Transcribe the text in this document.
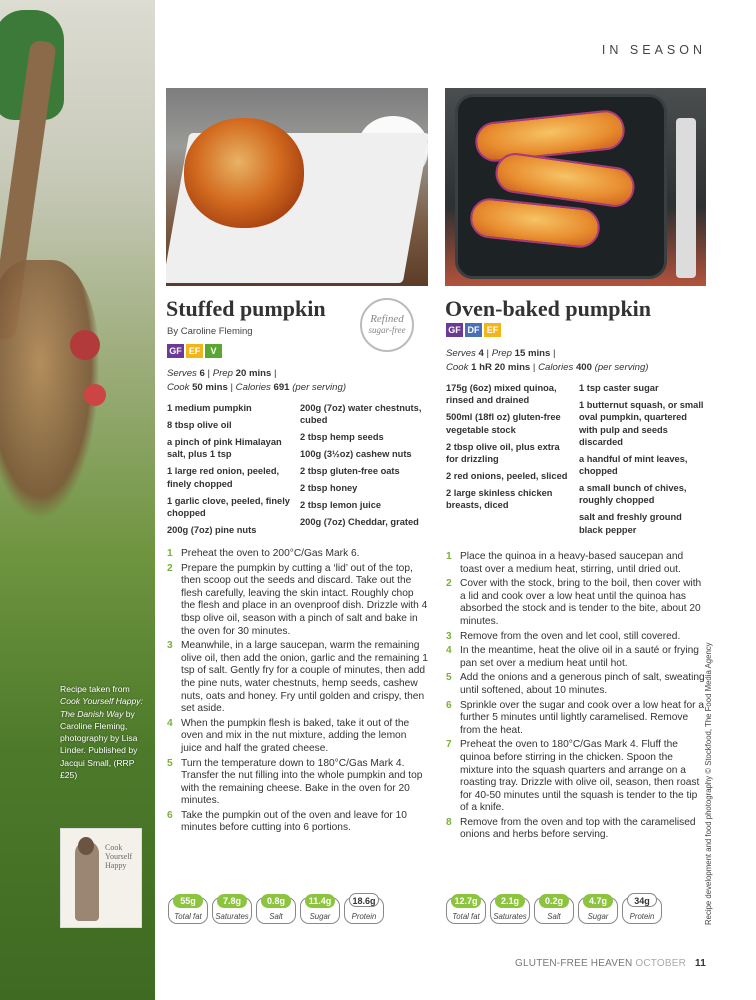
Recipe taken from Cook Yourself Happy: The Danish Way by Caroline Fleming, photography by Lisa Linder. Published by Jacqui Small, (RRP £25)
Cook Yourself Happy
IN SEASON
Stuffed pumpkin
By Caroline Fleming
GF EF	V
Refined
sugar-free
Serves 6 | Prep 20 mins |
Cook 50 mins | Calories 691 (per serving)
1 medium pumpkin
8 tbsp olive oil
a pinch of pink Himalayan salt, plus 1 tsp
1 large red onion, peeled, finely chopped
1 garlic clove, peeled, finely chopped
200g (7oz) pine nuts
200g (7oz) water chestnuts, cubed
2 tbsp hemp seeds
100g (3½oz) cashew nuts
2 tbsp gluten-free oats
2 tbsp honey
2 tbsp lemon juice
200g (7oz) Cheddar, grated
1 Preheat the oven to 200°C/Gas Mark 6.
2 Prepare the pumpkin by cutting a ‘lid’ out of the top, then scoop out the seeds and discard. Take out the flesh carefully, leaving the skin intact. Roughly chop the flesh and place in an ovenproof dish. Drizzle with 4 tbsp olive oil, season with a pinch of salt and bake in the oven for 30 minutes.
3 Meanwhile, in a large saucepan, warm the remaining olive oil, then add the onion, garlic and the remaining 1 tsp of salt. Gently fry for a couple of minutes, then add the pine nuts, water chestnuts, hemp seeds, cashew nuts, oats and honey. Fry until golden and crispy, then set aside.
4 When the pumpkin flesh is baked, take it out of the oven and mix in the nut mixture, adding the lemon juice and half the grated cheese.
5 Turn the temperature down to 180°C/Gas Mark 4. Transfer the nut filling into the whole pumpkin and top with the remaining cheese. Bake in the oven for 20 minutes.
6 Take the pumpkin out of the oven and leave for 10 minutes before cutting into 6 portions.
55g
Total fat
7.8g
Saturates
0.8g
Salt
11.4g
Sugar
18.6g
Protein
Oven-baked pumpkin
GF DF EF
Serves 4 | Prep 15 mins |
Cook 1 hR 20 mins | Calories 400 (per serving)
175g (6oz) mixed quinoa, rinsed and drained
500ml (18fl oz) gluten-free vegetable stock
2 tbsp olive oil, plus extra for drizzling
2 red onions, peeled, sliced
2 large skinless chicken breasts, diced
1 tsp caster sugar
1 butternut squash, or small oval pumpkin, quartered with pulp and seeds discarded
a handful of mint leaves, chopped
a small bunch of chives, roughly chopped
salt and freshly ground black pepper
1 Place the quinoa in a heavy-based saucepan and toast over a medium heat, stirring, until dried out.
2 Cover with the stock, bring to the boil, then cover with a lid and cook over a low heat until the quinoa has absorbed the stock and is tender to the bite, about 20 minutes.
3 Remove from the oven and let cool, still covered.
4 In the meantime, heat the olive oil in a sauté or frying pan set over a medium heat until hot.
5 Add the onions and a generous pinch of salt, sweating until softened, about 10 minutes.
6 Sprinkle over the sugar and cook over a low heat for a further 5 minutes until lightly caramelised. Remove from the heat.
7 Preheat the oven to 180°C/Gas Mark 4. Fluff the quinoa before stirring in the chicken. Spoon the mixture into the squash quarters and arrange on a roasting tray. Drizzle with olive oil, season, then roast for 40-50 minutes until the squash is tender to the tip of a knife.
8 Remove from the oven and top with the caramelised onions and herbs before serving.
12.7g
Total fat
2.1g
Saturates
0.2g
Salt
4.7g
Sugar
34g
Protein	Recipe development and food photography © Stockfood, The Food Media Agency
GLUTEN-FREE HEAVEN OCTOBER 11
